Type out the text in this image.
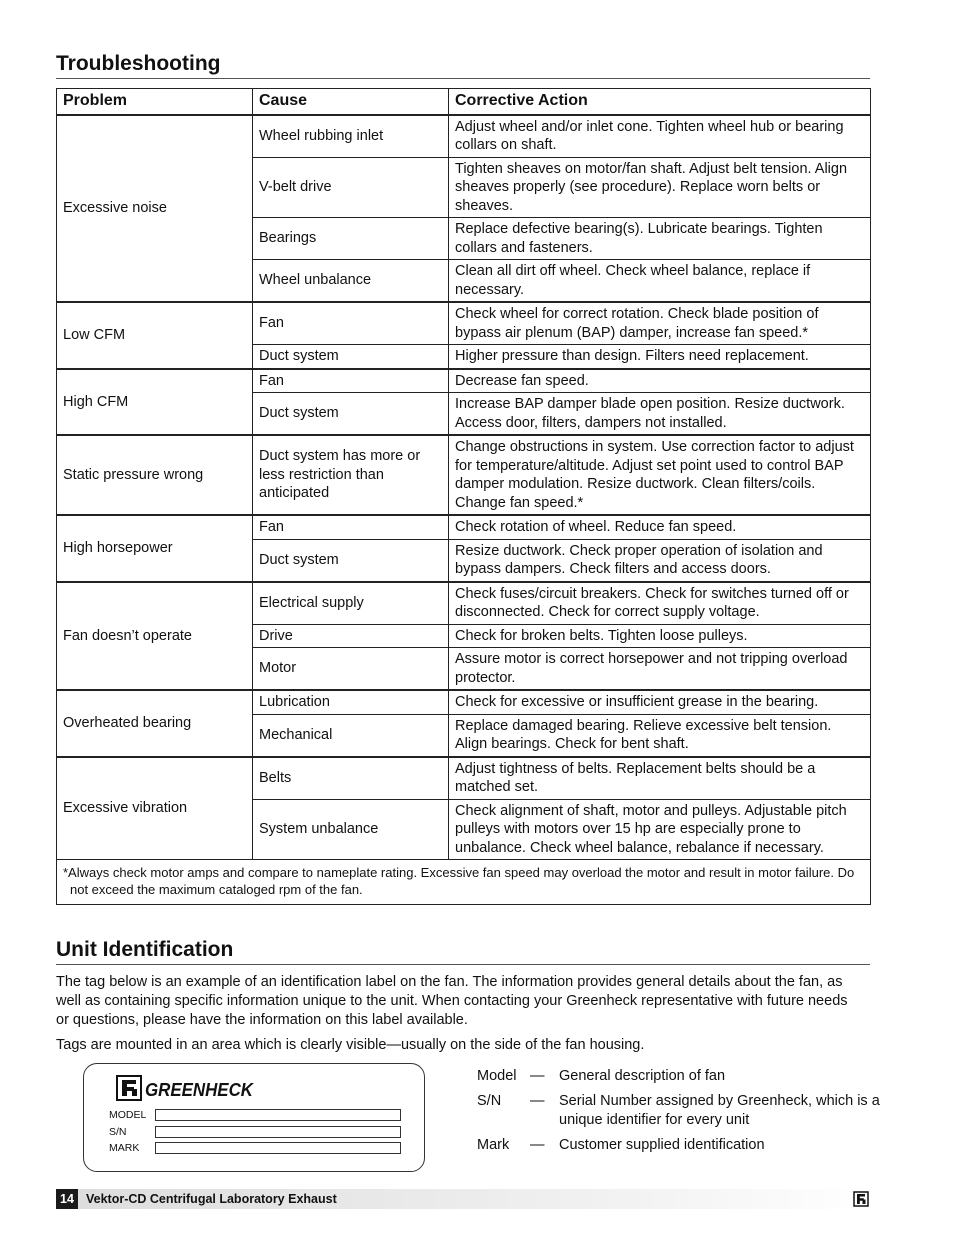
Troubleshooting
Problem	Cause	Corrective Action
Excessive noise	Wheel rubbing inlet	Adjust wheel and/or inlet cone. Tighten wheel hub or bearing collars on shaft.
	V-belt drive	Tighten sheaves on motor/fan shaft. Adjust belt tension. Align sheaves properly (see procedure). Replace worn belts or sheaves.
	Bearings	Replace defective bearing(s). Lubricate bearings. Tighten collars and fasteners.
	Wheel unbalance	Clean all dirt off wheel. Check wheel balance, replace if necessary.
Low CFM	Fan	Check wheel for correct rotation. Check blade position of bypass air plenum (BAP) damper, increase fan speed.*
	Duct system	Higher pressure than design. Filters need replacement.
High CFM	Fan	Decrease fan speed.
	Duct system	Increase BAP damper blade open position. Resize ductwork. Access door, filters, dampers not installed.
Static pressure wrong	Duct system has more or less restriction than anticipated	Change obstructions in system. Use correction factor to adjust for temperature/altitude. Adjust set point used to control BAP damper modulation. Resize ductwork. Clean filters/coils. Change fan speed.*
High horsepower	Fan	Check rotation of wheel. Reduce fan speed.
	Duct system	Resize ductwork. Check proper operation of isolation and bypass dampers. Check filters and access doors.
Fan doesn’t operate	Electrical supply	Check fuses/circuit breakers. Check for switches turned off or disconnected. Check for correct supply voltage.
	Drive	Check for broken belts. Tighten loose pulleys.
	Motor	Assure motor is correct horsepower and not tripping overload protector.
Overheated bearing	Lubrication	Check for excessive or insufficient grease in the bearing.
	Mechanical	Replace damaged bearing. Relieve excessive belt tension. Align bearings. Check for bent shaft.
Excessive vibration	Belts	Adjust tightness of belts. Replacement belts should be a matched set.
	System unbalance	Check alignment of shaft, motor and pulleys. Adjustable pitch pulleys with motors over 15 hp are especially prone to unbalance. Check wheel balance, rebalance if necessary.

*Always check motor amps and compare to nameplate rating. Excessive fan speed may overload the motor and result in motor failure. Do not exceed the maximum cataloged rpm of the fan.		
Unit Identification
The tag below is an example of an identification label on the fan. The information provides general details about the fan, as well as containing specific information unique to the unit. When contacting your Greenheck representative with future needs or questions, please have the information on this label available.
Tags are mounted in an area which is clearly visible—usually on the side of the fan housing.
GREENHECK
MODEL
S/N
MARK
Model — General description of fan
S/N — Serial Number assigned by Greenheck, which is a unique identifier for every unit
Mark — Customer supplied identification
14 Vektor-CD Centrifugal Laboratory Exhaust
